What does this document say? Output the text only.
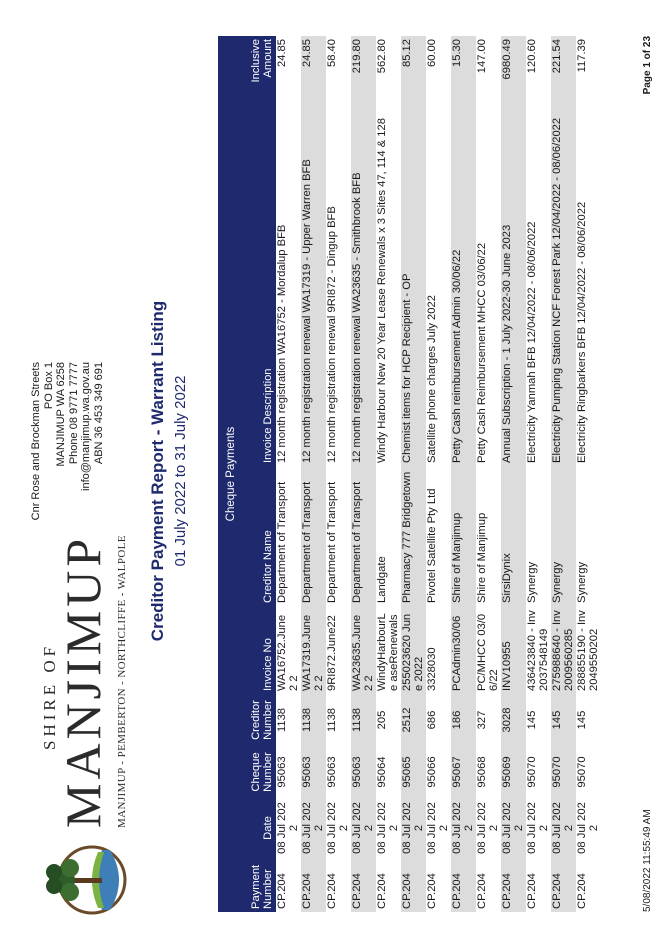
SHIRE OF
MANJIMUP MANJIMUP - PEMBERTON - NORTHCLIFFE - WALPOLE
Cnr Rose and Brockman Streets PO Box 1 MANJIMUP WA 6258 Phone 08 9771 7777 info@manjimup.wa.gov.au ABN 36 453 349 691	Creditor Payment Report - Warrant Listing 01 July 2022 to 31 July 2022	Cheque Payments							
Payment Number	Date	Cheque Number	Creditor Number	Invoice No	Creditor Name	Invoice Description	Inclusive Amount
CP.204	08 Jul 2022	95063	1138	WA16752.June2 2	Department of Transport	12 month registration WA16752 - Mordalup BFB	24.85
CP.204	08 Jul 2022	95063	1138	WA17319.June2 2	Department of Transport	12 month registration renewal WA17319 - Upper Warren BFB	24.85
CP.204	08 Jul 2022	95063	1138	9RI872.June22	Department of Transport	12 month registration renewal 9RI872 - Dingup BFB	58.40
CP.204	08 Jul 2022	95063	1138	WA23635.June2 2	Department of Transport	12 month registration renewal WA23635 - Smithbrook BFB	219.80
CP.204	08 Jul 2022	95064	205	WindyHarbourLe aseRenewals	Landgate	Windy Harbour New 20 Year Lease Renewals x 3 Sites 47, 114 & 128	562.80
CP.204	08 Jul 2022	95065	2512	255023620 June 2022	Pharmacy 777 Bridgetown	Chemist items for HCP Recipient - OP	85.12
CP.204	08 Jul 2022	95066	686	3328030	Pivotel Satellite Pty Ltd	Satellite phone charges July 2022	60.00
CP.204	08 Jul 2022	95067	186	PCAdmin30/06	Shire of Manjimup	Petty Cash reimbursement Admin 30/06/22	15.30
CP.204	08 Jul 2022	95068	327	PC/MHCC 03/06/22	Shire of Manjimup	Petty Cash Reimbursement MHCC 03/06/22	147.00
CP.204	08 Jul 2022	95069	3028	INV10955	SirsiDynix	Annual Subscription - 1 July 2022-30 June 2023	6980.49
CP.204	08 Jul 2022	95070	145	436423840 - Inv 2037548149	Synergy	Electricity Yanmah BFB 12/04/2022 - 08/06/2022	120.60
CP.204	08 Jul 2022	95070	145	275988640 - Inv 2009560285	Synergy	Electricity Pumping Station NCF Forest Park 12/04/2022 - 08/06/2022	221.54
CP.204	08 Jul 2022	95070	145	288855190 - Inv 2049550202	Synergy	Electricity Ringbarkers BFB 12/04/2022 - 08/06/2022	117.39
5/08/2022 11:55:49 AM
Page 1 of 23
